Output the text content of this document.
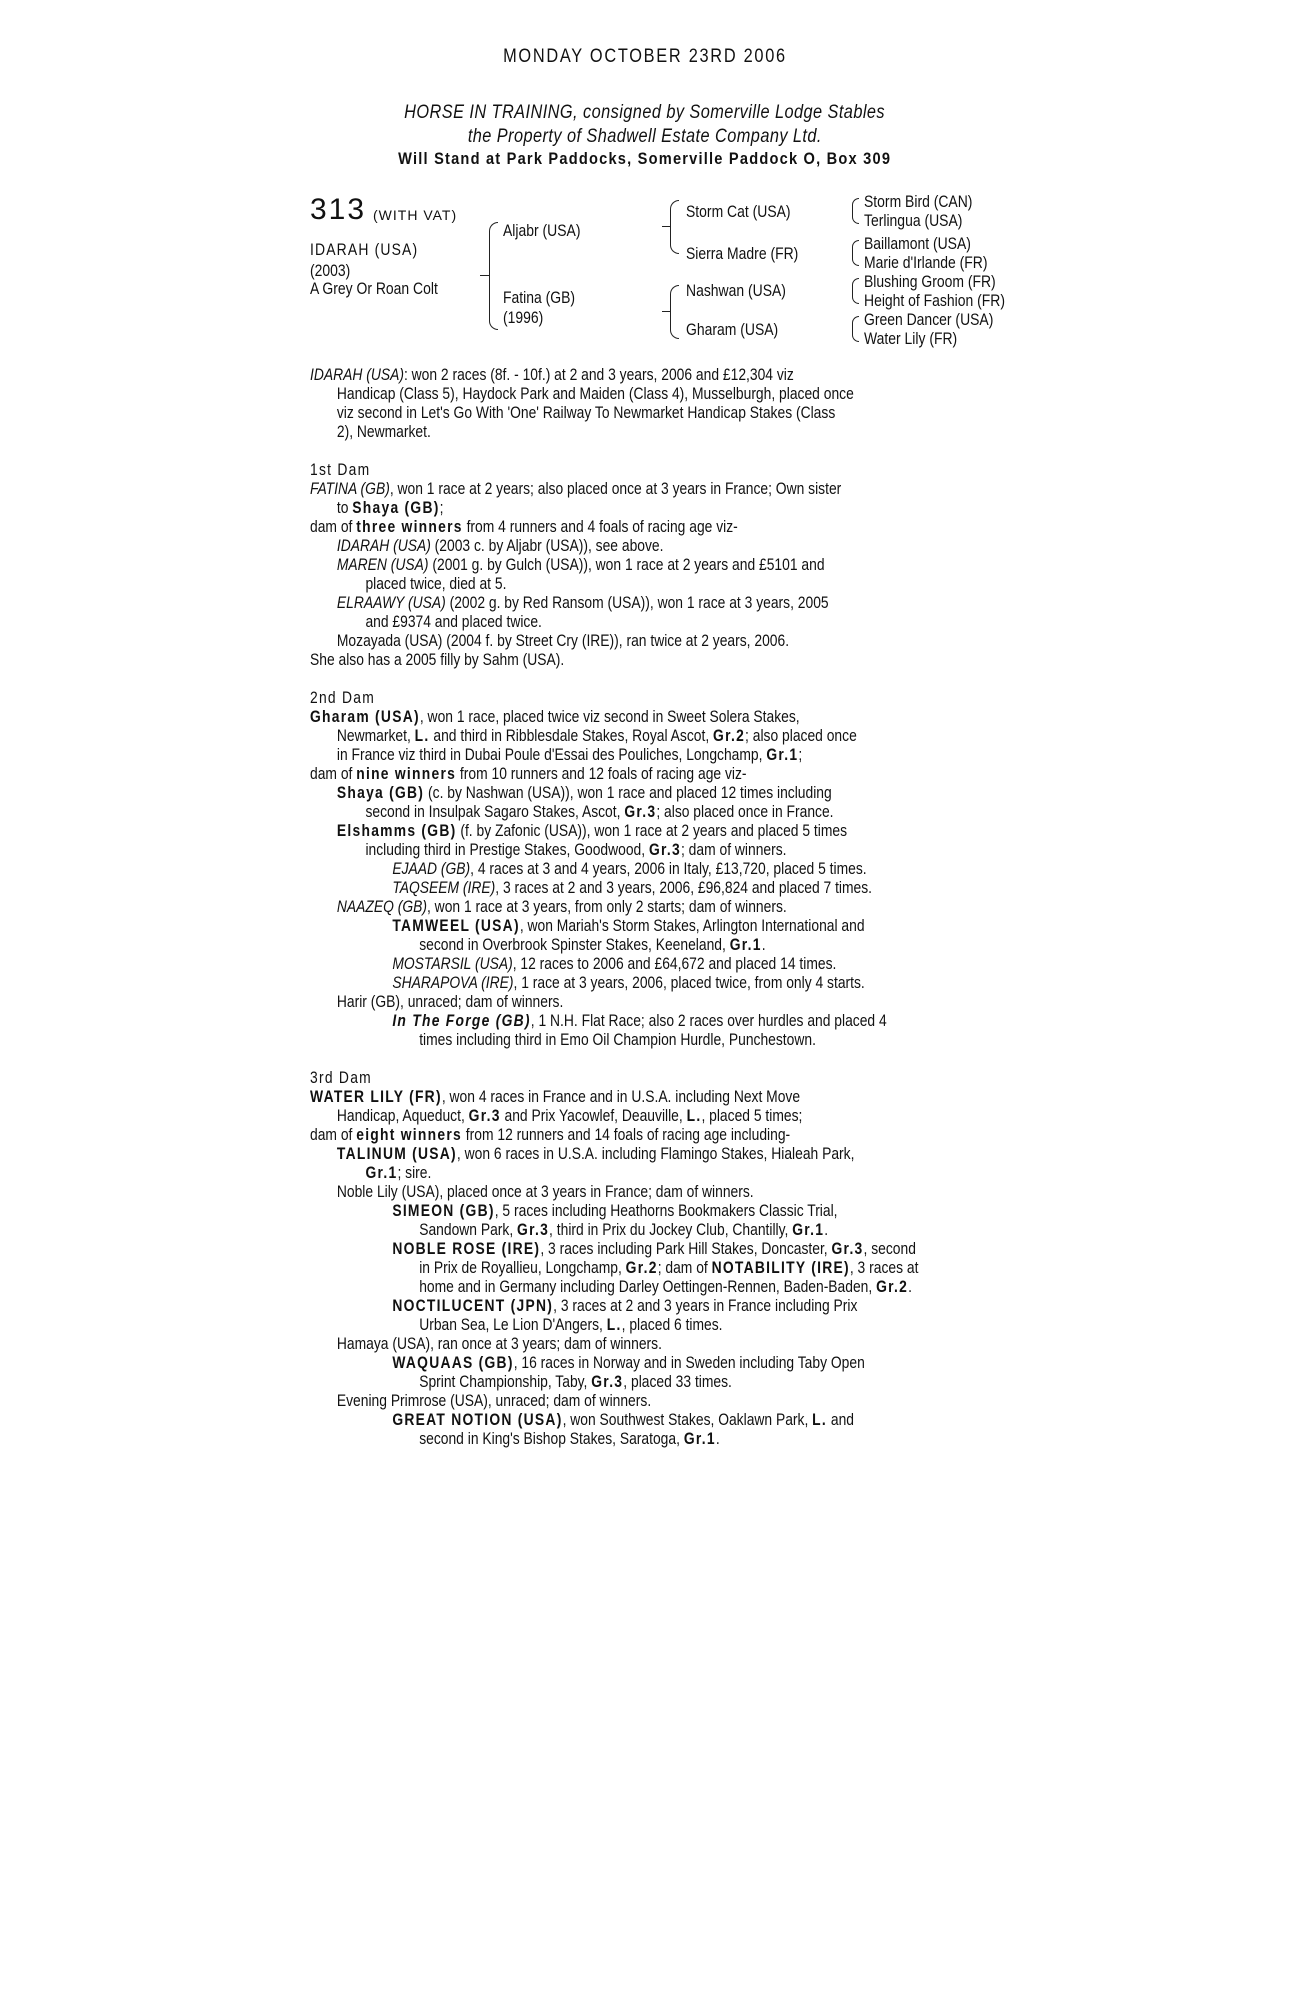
MONDAY OCTOBER 23RD 2006
HORSE IN TRAINING, consigned by Somerville Lodge Stables
the Property of Shadwell Estate Company Ltd.
Will Stand at Park Paddocks, Somerville Paddock O, Box 309
313 (WITH VAT)
IDARAH (USA)
(2003)
A Grey Or Roan Colt
Aljabr (USA)
Fatina (GB)
(1996)
Storm Cat (USA)
Sierra Madre (FR)
Nashwan (USA)
Gharam (USA)
Storm Bird (CAN)
Terlingua (USA)
Baillamont (USA)
Marie d'Irlande (FR)
Blushing Groom (FR)
Height of Fashion (FR)
Green Dancer (USA)
Water Lily (FR)
IDARAH (USA): won 2 races (8f. - 10f.) at 2 and 3 years, 2006 and £12,304 viz
Handicap (Class 5), Haydock Park and Maiden (Class 4), Musselburgh, placed once
viz second in Let's Go With 'One' Railway To Newmarket Handicap Stakes (Class
2), Newmarket.
1st Dam
FATINA (GB), won 1 race at 2 years; also placed once at 3 years in France; Own sister
to Shaya (GB);
dam of three winners from 4 runners and 4 foals of racing age viz-
IDARAH (USA) (2003 c. by Aljabr (USA)), see above.
MAREN (USA) (2001 g. by Gulch (USA)), won 1 race at 2 years and £5101 and
placed twice, died at 5.
ELRAAWY (USA) (2002 g. by Red Ransom (USA)), won 1 race at 3 years, 2005
and £9374 and placed twice.
Mozayada (USA) (2004 f. by Street Cry (IRE)), ran twice at 2 years, 2006.
She also has a 2005 filly by Sahm (USA).
2nd Dam
Gharam (USA), won 1 race, placed twice viz second in Sweet Solera Stakes,
Newmarket, L. and third in Ribblesdale Stakes, Royal Ascot, Gr.2; also placed once
in France viz third in Dubai Poule d'Essai des Pouliches, Longchamp, Gr.1;
dam of nine winners from 10 runners and 12 foals of racing age viz-
Shaya (GB) (c. by Nashwan (USA)), won 1 race and placed 12 times including
second in Insulpak Sagaro Stakes, Ascot, Gr.3; also placed once in France.
Elshamms (GB) (f. by Zafonic (USA)), won 1 race at 2 years and placed 5 times
including third in Prestige Stakes, Goodwood, Gr.3; dam of winners.
EJAAD (GB), 4 races at 3 and 4 years, 2006 in Italy, £13,720, placed 5 times.
TAQSEEM (IRE), 3 races at 2 and 3 years, 2006, £96,824 and placed 7 times.
NAAZEQ (GB), won 1 race at 3 years, from only 2 starts; dam of winners.
TAMWEEL (USA), won Mariah's Storm Stakes, Arlington International and
second in Overbrook Spinster Stakes, Keeneland, Gr.1.
MOSTARSIL (USA), 12 races to 2006 and £64,672 and placed 14 times.
SHARAPOVA (IRE), 1 race at 3 years, 2006, placed twice, from only 4 starts.
Harir (GB), unraced; dam of winners.
In The Forge (GB), 1 N.H. Flat Race; also 2 races over hurdles and placed 4
times including third in Emo Oil Champion Hurdle, Punchestown.
3rd Dam
WATER LILY (FR), won 4 races in France and in U.S.A. including Next Move
Handicap, Aqueduct, Gr.3 and Prix Yacowlef, Deauville, L., placed 5 times;
dam of eight winners from 12 runners and 14 foals of racing age including-
TALINUM (USA), won 6 races in U.S.A. including Flamingo Stakes, Hialeah Park,
Gr.1; sire.
Noble Lily (USA), placed once at 3 years in France; dam of winners.
SIMEON (GB), 5 races including Heathorns Bookmakers Classic Trial,
Sandown Park, Gr.3, third in Prix du Jockey Club, Chantilly, Gr.1.
NOBLE ROSE (IRE), 3 races including Park Hill Stakes, Doncaster, Gr.3, second
in Prix de Royallieu, Longchamp, Gr.2; dam of NOTABILITY (IRE), 3 races at
home and in Germany including Darley Oettingen-Rennen, Baden-Baden, Gr.2.
NOCTILUCENT (JPN), 3 races at 2 and 3 years in France including Prix
Urban Sea, Le Lion D'Angers, L., placed 6 times.
Hamaya (USA), ran once at 3 years; dam of winners.
WAQUAAS (GB), 16 races in Norway and in Sweden including Taby Open
Sprint Championship, Taby, Gr.3, placed 33 times.
Evening Primrose (USA), unraced; dam of winners.
GREAT NOTION (USA), won Southwest Stakes, Oaklawn Park, L. and
second in King's Bishop Stakes, Saratoga, Gr.1.
